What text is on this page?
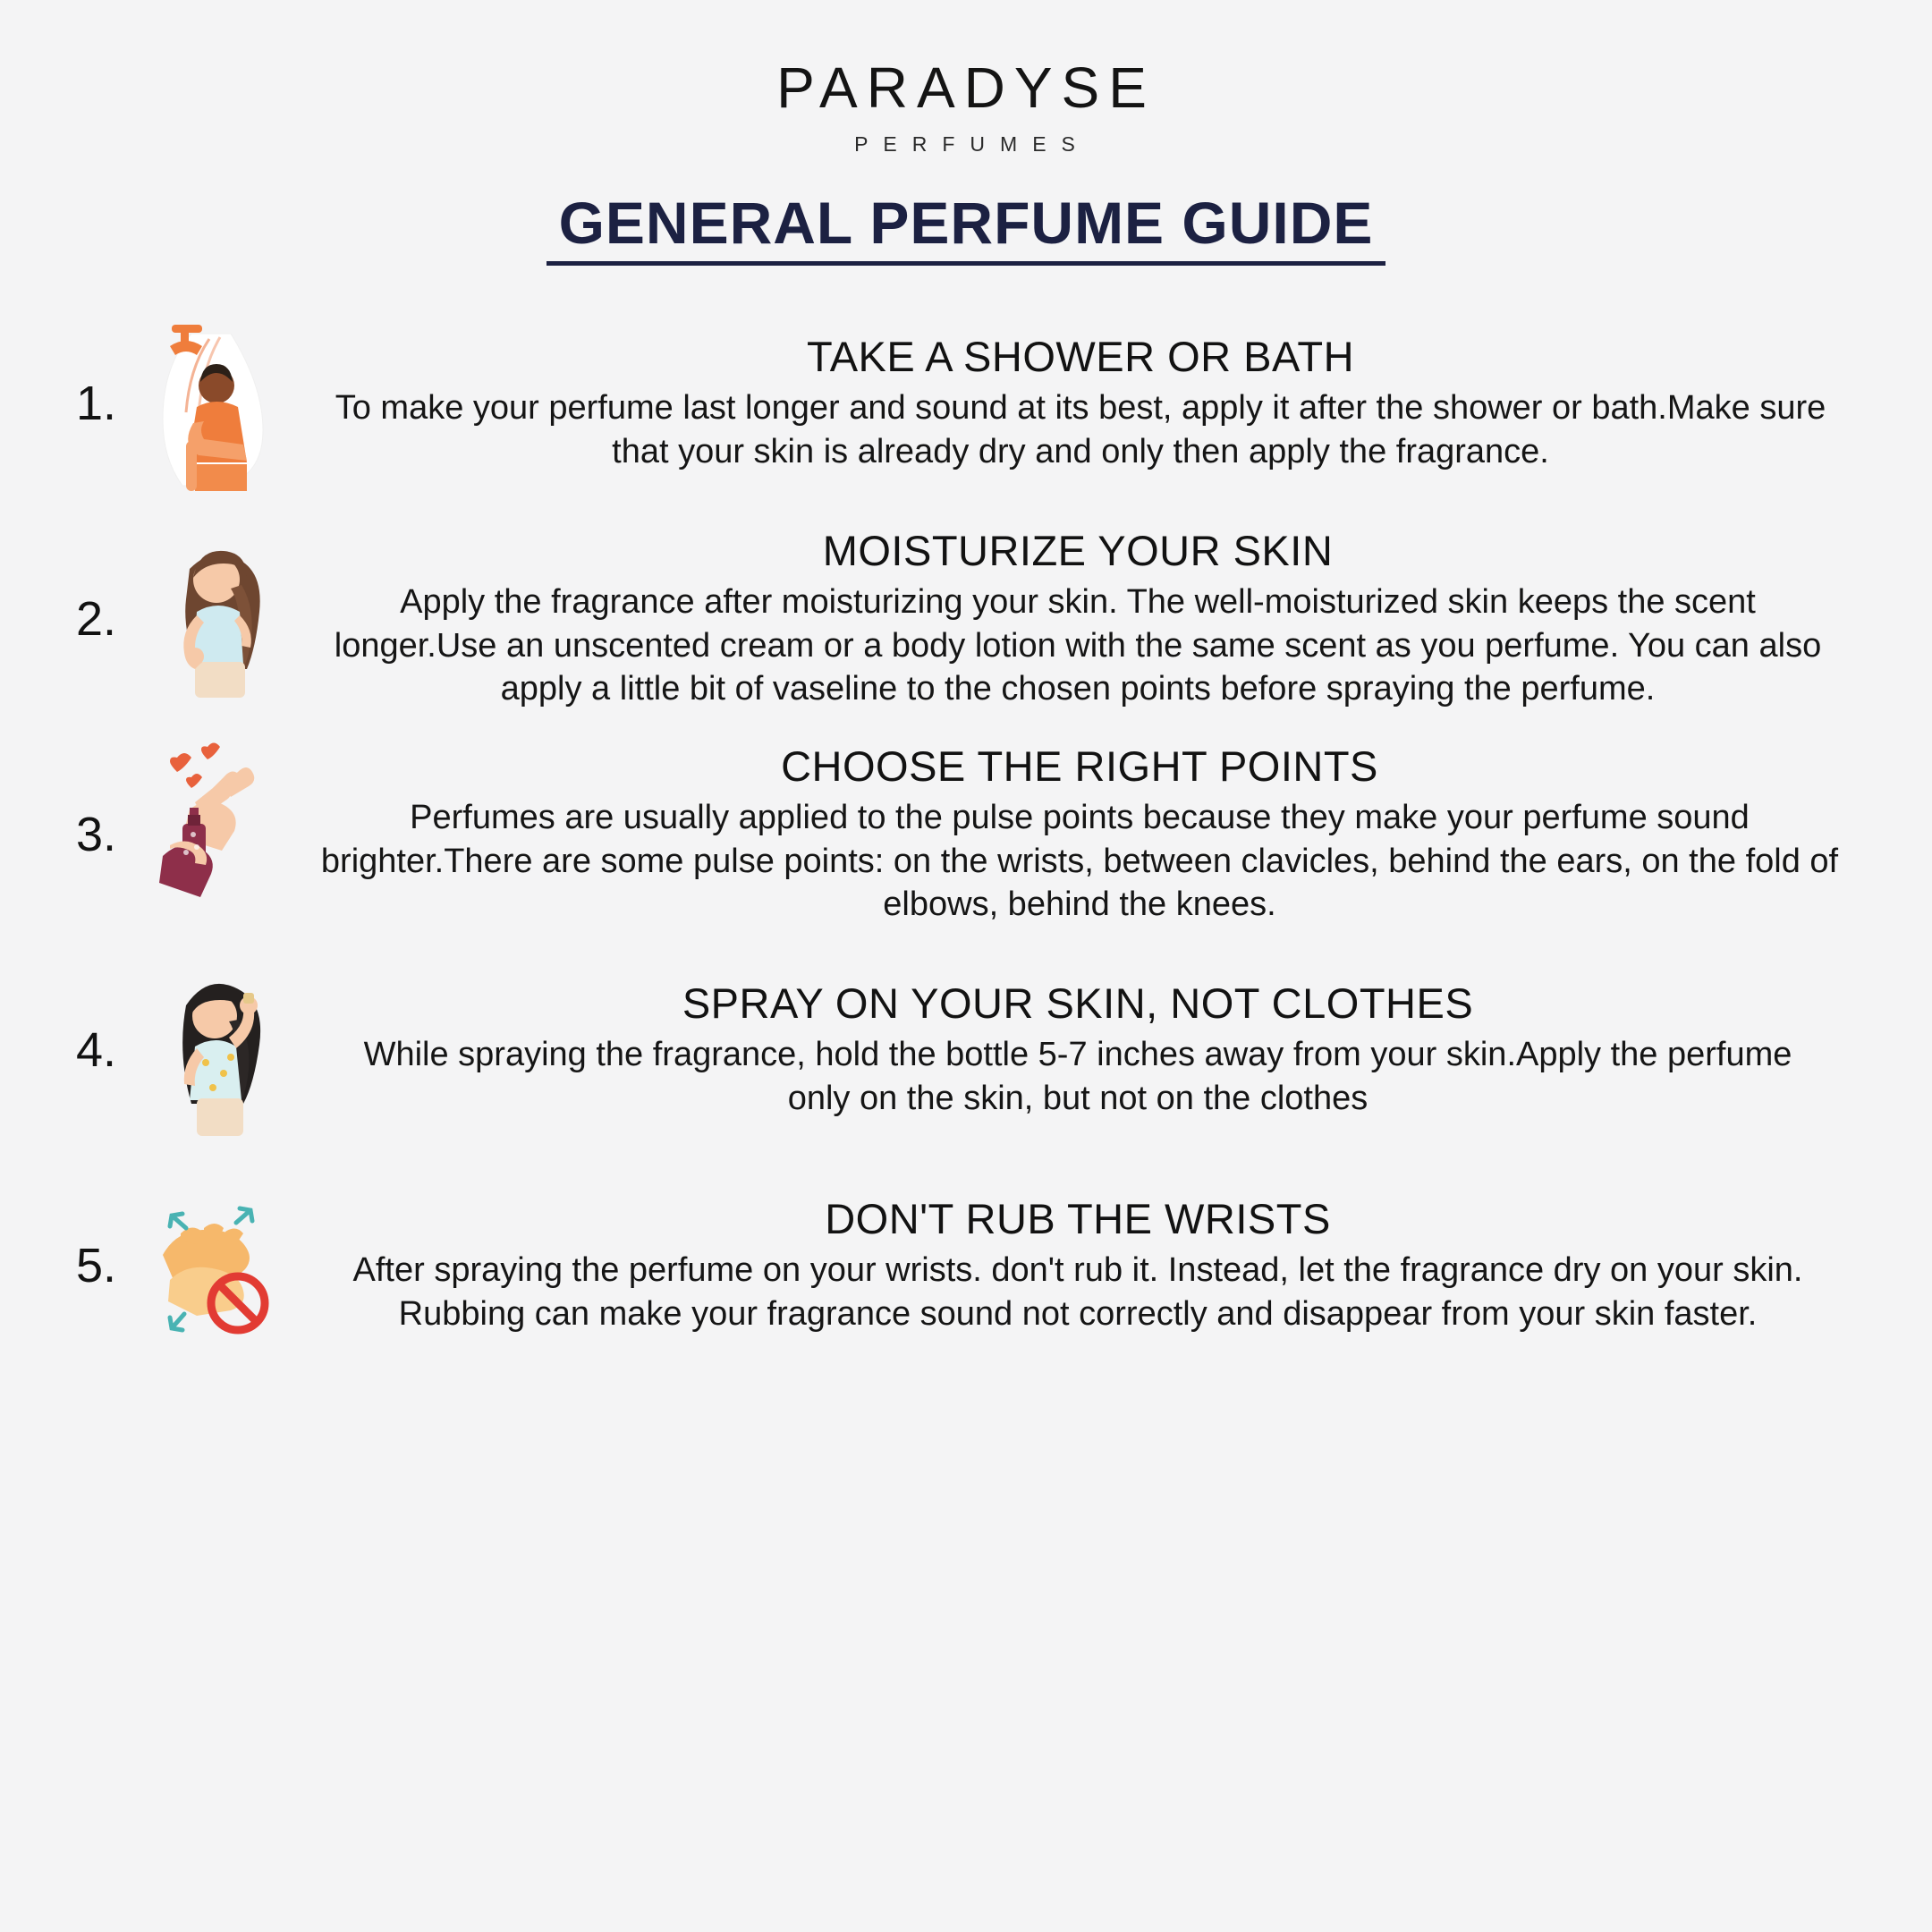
PARADYSE
PERFUMES
GENERAL PERFUME GUIDE
1.
TAKE A SHOWER OR BATH
To make your perfume last longer and sound at its best, apply it after the shower or bath.Make sure that your skin is already dry and only then apply the fragrance.
2.
MOISTURIZE YOUR SKIN
Apply the fragrance after moisturizing your skin. The well-moisturized skin keeps the scent longer.Use an unscented cream or a body lotion with the same scent as you perfume. You can also apply a little bit of vaseline to the chosen points before spraying the perfume.
3.
CHOOSE THE RIGHT POINTS
Perfumes are usually applied to the pulse points because they make your perfume sound brighter.There are some pulse points: on the wrists, between clavicles, behind the ears, on the fold of elbows, behind the knees.
4.
SPRAY ON YOUR SKIN, NOT CLOTHES
While spraying the fragrance, hold the bottle 5-7 inches away from your skin.Apply the perfume only on the skin, but not on the clothes
5.
DON'T RUB THE WRISTS
After spraying the perfume on your wrists. don't rub it. Instead, let the fragrance dry on your skin. Rubbing can make your fragrance sound not correctly and disappear from your skin faster.
